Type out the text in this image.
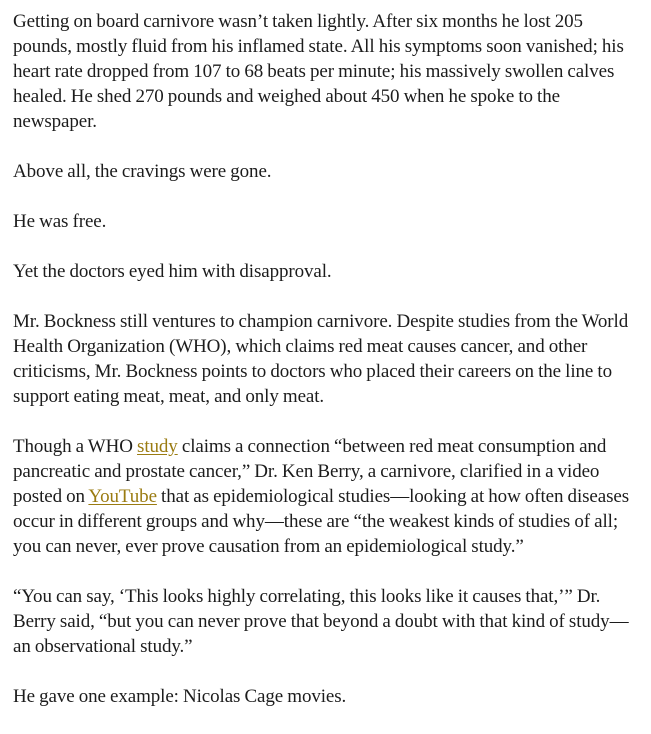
Getting on board carnivore wasn’t taken lightly. After six months he lost 205 pounds, mostly fluid from his inflamed state. All his symptoms soon vanished; his heart rate dropped from 107 to 68 beats per minute; his massively swollen calves healed. He shed 270 pounds and weighed about 450 when he spoke to the newspaper.

Above all, the cravings were gone.

He was free.

Yet the doctors eyed him with disapproval.

Mr. Bockness still ventures to champion carnivore. Despite studies from the World Health Organization (WHO), which claims red meat causes cancer, and other criticisms, Mr. Bockness points to doctors who placed their careers on the line to support eating meat, meat, and only meat.

Though a WHO study claims a connection “between red meat consumption and pancreatic and prostate cancer,” Dr. Ken Berry, a carnivore, clarified in a video posted on YouTube that as epidemiological studies—looking at how often diseases occur in different groups and why—these are “the weakest kinds of studies of all; you can never, ever prove causation from an epidemiological study.”

“You can say, ‘This looks highly correlating, this looks like it causes that,’” Dr. Berry said, “but you can never prove that beyond a doubt with that kind of study—an observational study.”

He gave one example: Nicolas Cage movies.
